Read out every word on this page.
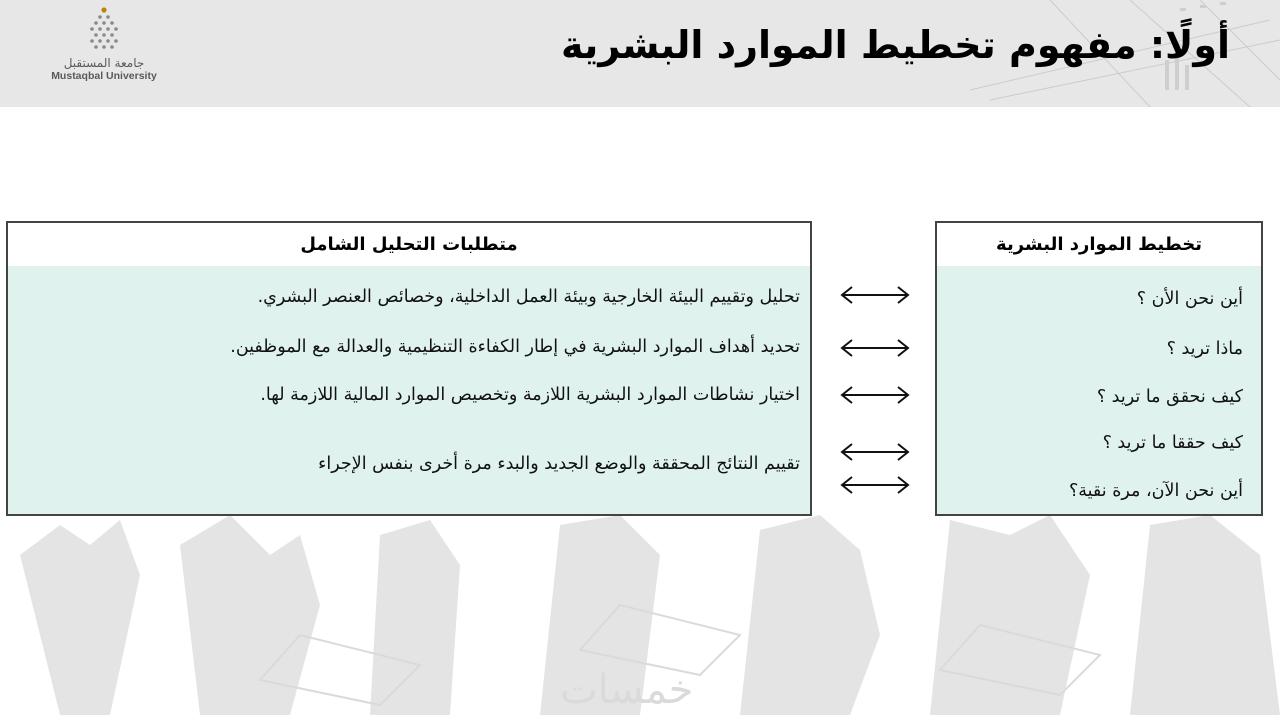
جامعة المستقبل
Mustaqbal University
أولًا: مفهوم تخطيط الموارد البشرية
خمسات
تخطيط الموارد البشرية
أين نحن الأن ؟
ماذا تريد ؟
كيف نحقق ما تريد ؟
كيف حققا ما تريد ؟
أين نحن الآن، مرة نقية؟
متطلبات التحليل الشامل
تحليل وتقييم البيئة الخارجية وبيئة العمل الداخلية، وخصائص العنصر البشري.
تحديد أهداف الموارد البشرية في إطار الكفاءة التنظيمية والعدالة مع الموظفين.
اختيار نشاطات الموارد البشرية اللازمة وتخصيص الموارد المالية اللازمة لها.
تقييم النتائج المحققة والوضع الجديد والبدء مرة أخرى بنفس الإجراء
